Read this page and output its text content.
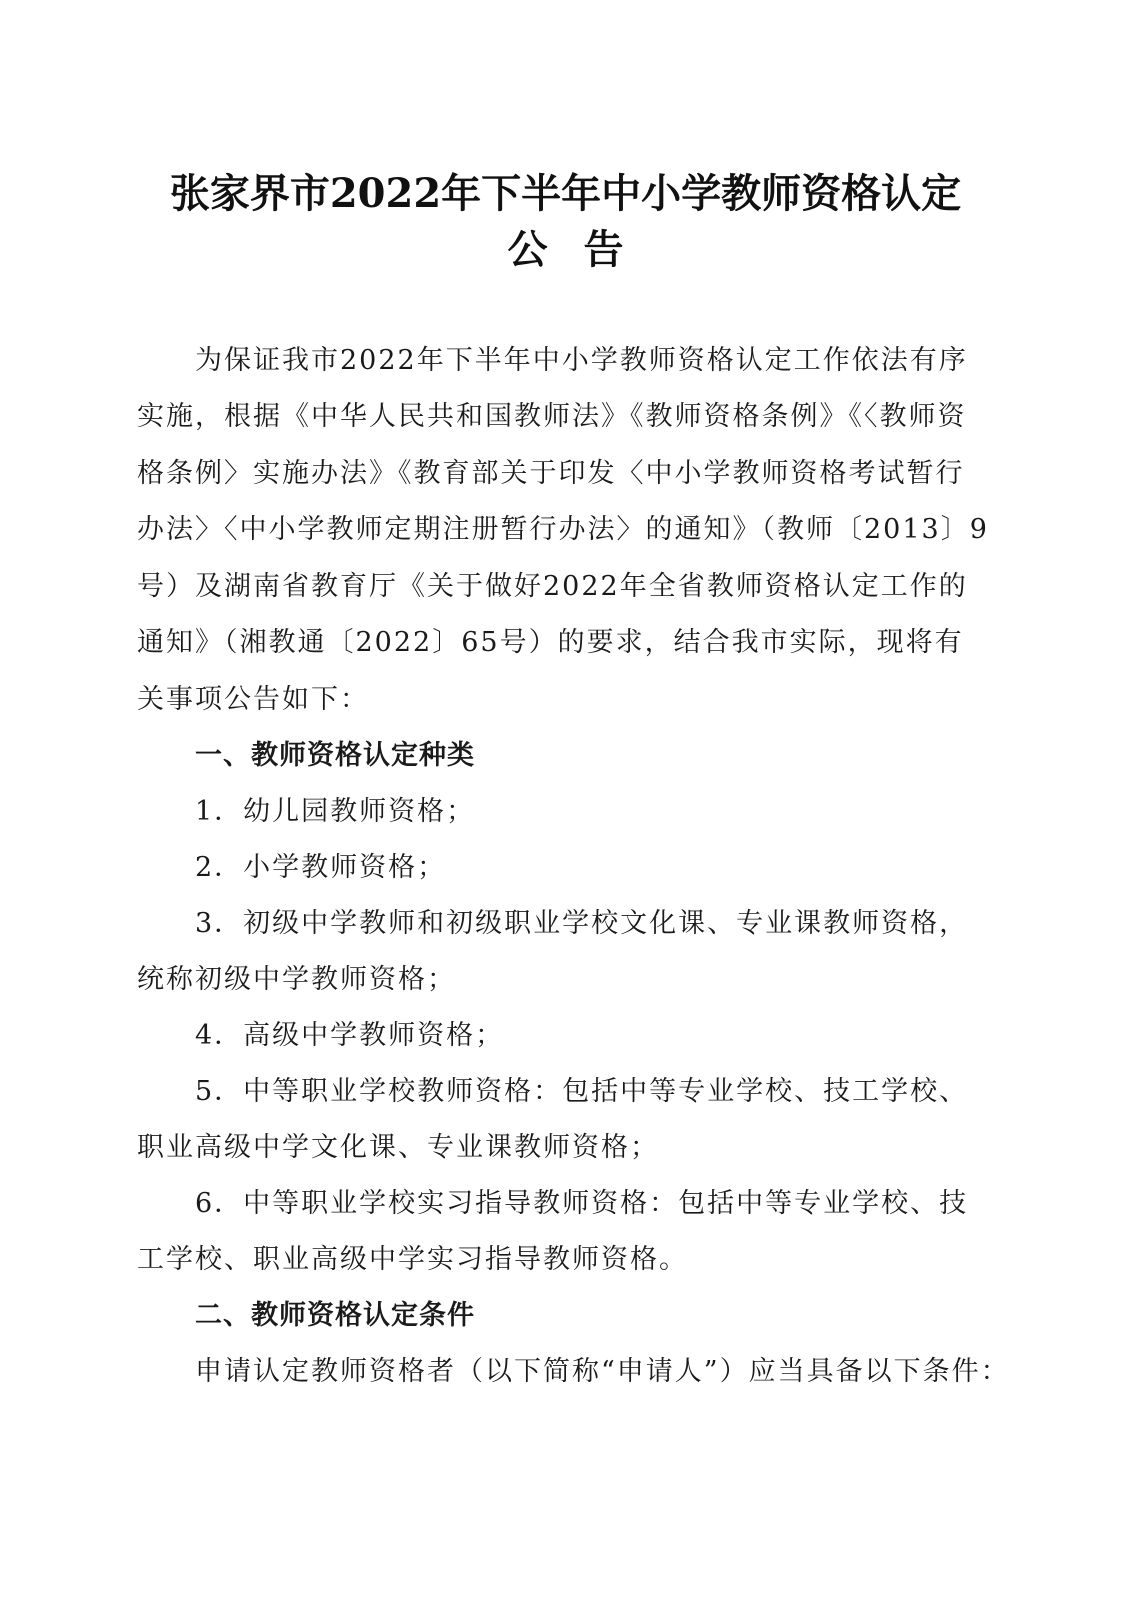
张家界市2022年下半年中小学教师资格认定
公告
为保证我市2022年下半年中小学教师资格认定工作依法有序
实施，根据《中华人民共和国教师法》《教师资格条例》《〈教师资
格条例〉实施办法》《教育部关于印发〈中小学教师资格考试暂行
办法〉〈中小学教师定期注册暂行办法〉的通知》（教师〔2013〕9
号）及湖南省教育厅《关于做好2022年全省教师资格认定工作的
通知》（湘教通〔2022〕65号）的要求，结合我市实际，现将有
关事项公告如下：
一、教师资格认定种类
1．幼儿园教师资格；
2．小学教师资格；
3．初级中学教师和初级职业学校文化课、专业课教师资格，
统称初级中学教师资格；
4．高级中学教师资格；
5．中等职业学校教师资格：包括中等专业学校、技工学校、
职业高级中学文化课、专业课教师资格；
6．中等职业学校实习指导教师资格：包括中等专业学校、技
工学校、职业高级中学实习指导教师资格。
二、教师资格认定条件
申请认定教师资格者（以下简称“申请人”）应当具备以下条件：
